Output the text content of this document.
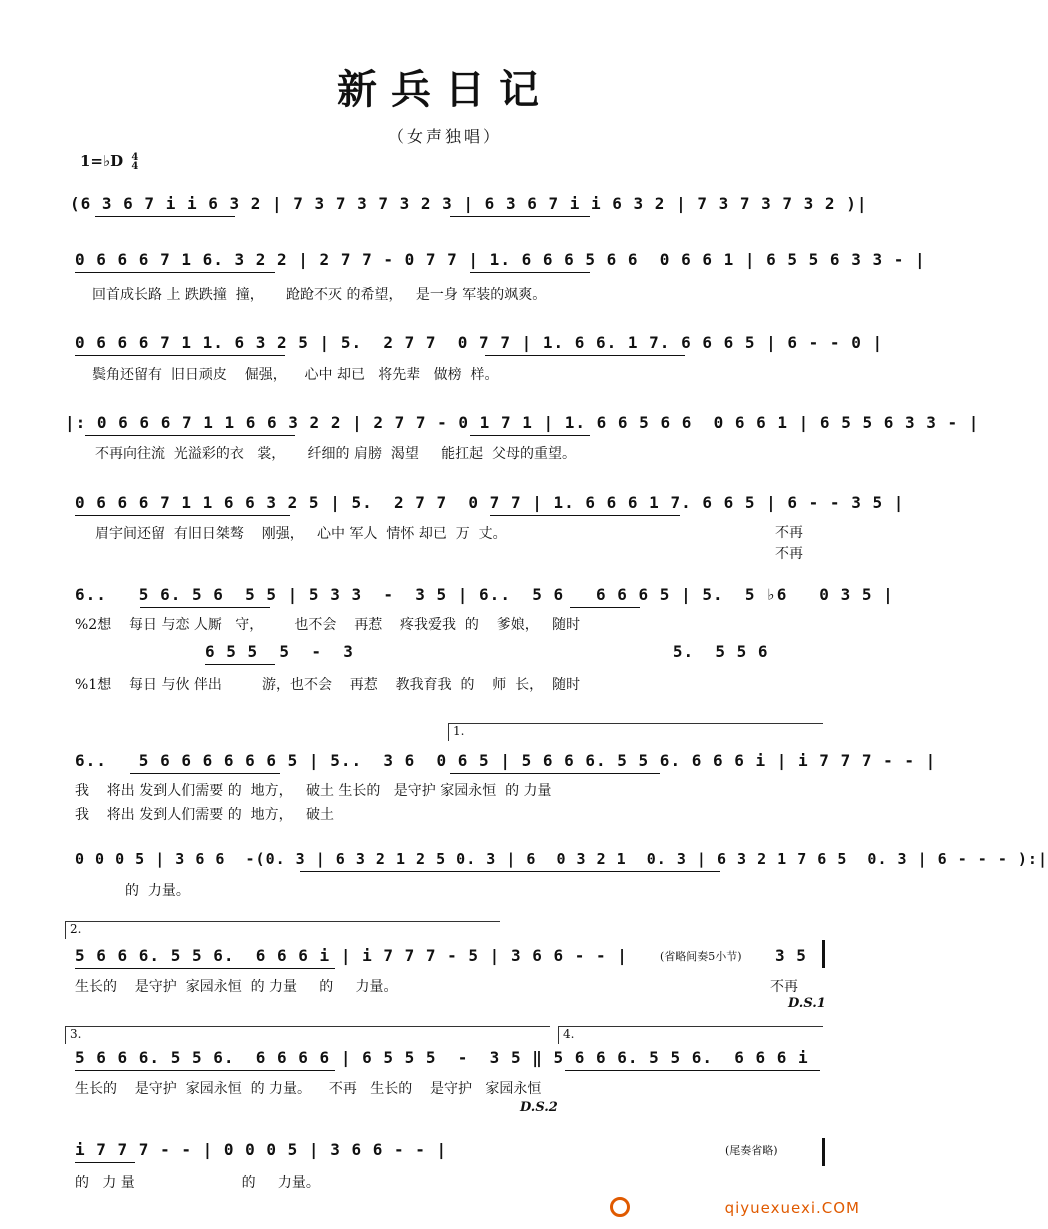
新兵日记
（女声独唱）
1=♭D 4
4
(6 3 6 7 i i 6 3 2 | 7 3 7 3 7 3 2 3 | 6 3 6 7 i i 6 3 2 | 7 3 7 3 7 3 2 )|
0 6 6 6 7 1 6. 3 2 2 | 2 7 7 - 0 7 7 | 1. 6 6 6 5 6 6  0 6 6 1 | 6 5 5 6 3 3 - |
回首成长路 上 跌跌撞  撞，     跄跄不灭 的希望，   是一身 军装的飒爽。
0 6 6 6 7 1 1. 6 3 2 5 | 5.  2 7 7  0 7 7 | 1. 6 6. 1 7. 6 6 6 5 | 6 - - 0 |
鬓角还留有  旧日顽皮    倔强，    心中 却已   将先辈   做榜  样。
|: 0 6 6 6 7 1 1 6 6 3 2 2 | 2 7 7 - 0 1 7 1 | 1. 6 6 5 6 6  0 6 6 1 | 6 5 5 6 3 3 - |
不再向往流  光溢彩的衣   裳，     纤细的 肩膀  渴望     能扛起  父母的重望。
0 6 6 6 7 1 1 6 6 3 2 5 | 5.  2 7 7  0 7 7 | 1. 6 6 6 1 7. 6 6 5 | 6 - - 3 5 |
眉宇间还留  有旧日桀骜    刚强，   心中 军人  情怀 却已  万  丈。	不再
不再
6..   5 6. 5 6  5 5 | 5 3 3  -  3 5 | 6..  5 6   6 6 6 5 | 5.  5 ♭6   0 3 5 |
%2想    每日 与恋 人厮   守，       也不会    再惹    疼我爱我  的    爹娘，   随时
6 5 5  5  -  3                              5.  5 5 6
%1想    每日 与伙 伴出         游，也不会    再惹    教我育我  的    师  长，  随时
1.
6..   5 6 6 6 6 6 6 5 | 5..  3 6  0 6 5 | 5 6 6 6. 5 5 6. 6 6 6 i | i 7 7 7 - - |
我    将出 发到人们需要 的  地方，   破土 生长的   是守护 家园永恒  的 力量
我    将出 发到人们需要 的  地方，   破土
0 0 0 5 | 3 6 6  -(0. 3 | 6 3 2 1 2 5 0. 3 | 6  0 3 2 1  0. 3 | 6 3 2 1 7 6 5  0. 3 | 6 - - - ):|
的  力量。
2.
5 6 6 6. 5 5 6.  6 6 6 i | i 7 7 7 - 5 | 3 6 6 - - |	(省略间奏5小节) 3 5
生长的    是守护  家园永恒  的 力量     的     力量。	不再
D.S.1
3.	4.
5 6 6 6. 5 5 6.  6 6 6 6 | 6 5 5 5  -  3 5 ‖ 5 6 6 6. 5 5 6.  6 6 6 i
生长的    是守护  家园永恒  的 力量。    不再   生长的    是守护   家园永恒
D.S.2
i 7 7 7 - - | 0 0 0 5 | 3 6 6 - - |	(尾奏省略)
的   力 量                        的     力量。
qiyuexuexi.COM
